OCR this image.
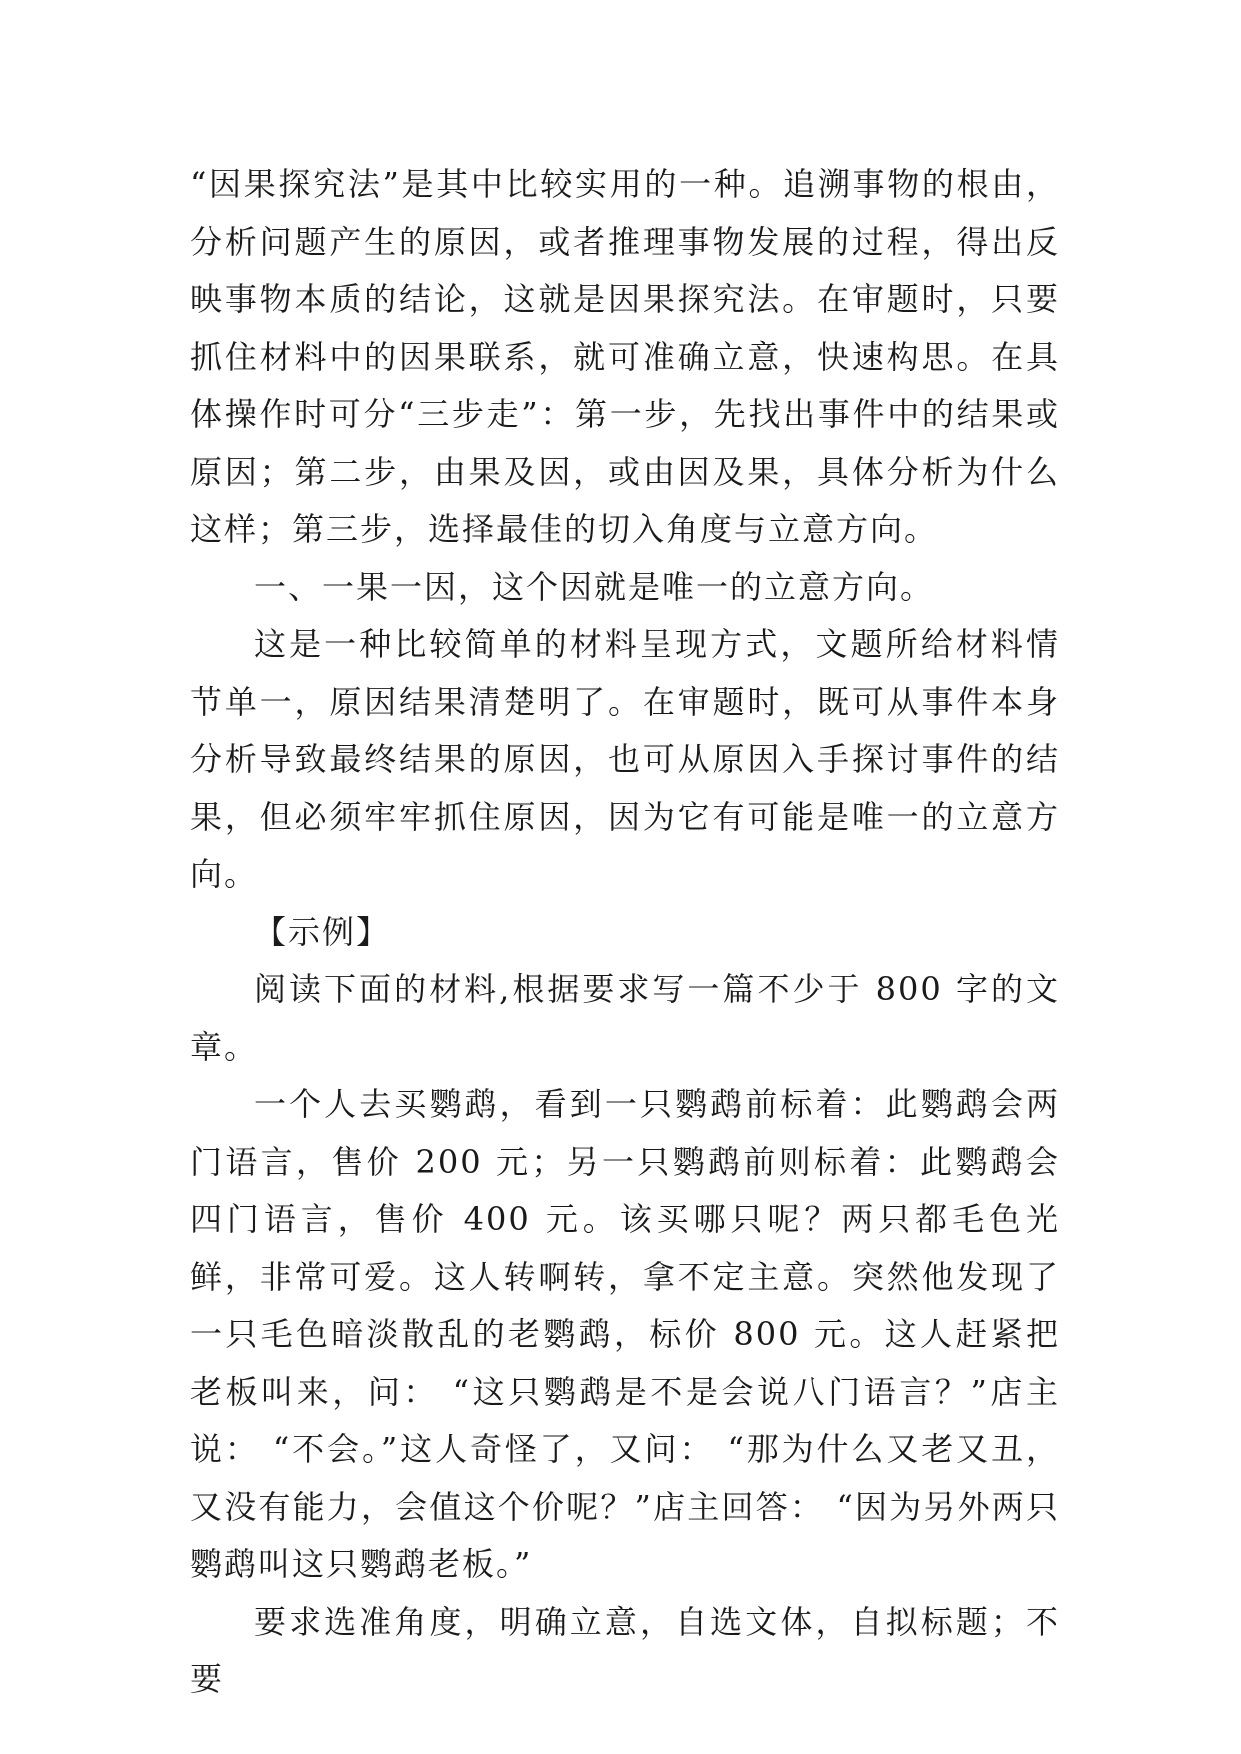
“因果探究法”是其中比较实用的一种。追溯事物的根由，分析问题产生的原因，或者推理事物发展的过程，得出反映事物本质的结论，这就是因果探究法。在审题时，只要抓住材料中的因果联系，就可准确立意，快速构思。在具体操作时可分“三步走”：第一步，先找出事件中的结果或原因；第二步，由果及因，或由因及果，具体分析为什么这样；第三步，选择最佳的切入角度与立意方向。

一、一果一因，这个因就是唯一的立意方向。

这是一种比较简单的材料呈现方式，文题所给材料情节单一，原因结果清楚明了。在审题时，既可从事件本身分析导致最终结果的原因，也可从原因入手探讨事件的结果，但必须牢牢抓住原因，因为它有可能是唯一的立意方向。

【示例】

阅读下面的材料,根据要求写一篇不少于 800 字的文章。

一个人去买鹦鹉，看到一只鹦鹉前标着：此鹦鹉会两门语言，售价 200 元；另一只鹦鹉前则标着：此鹦鹉会四门语言，售价 400 元。该买哪只呢？两只都毛色光鲜，非常可爱。这人转啊转，拿不定主意。突然他发现了一只毛色暗淡散乱的老鹦鹉，标价 800 元。这人赶紧把老板叫来，问： “这只鹦鹉是不是会说八门语言？”店主说： “不会。”这人奇怪了，又问： “那为什么又老又丑，又没有能力，会值这个价呢？”店主回答： “因为另外两只鹦鹉叫这只鹦鹉老板。”

要求选准角度，明确立意，自选文体，自拟标题；不要
